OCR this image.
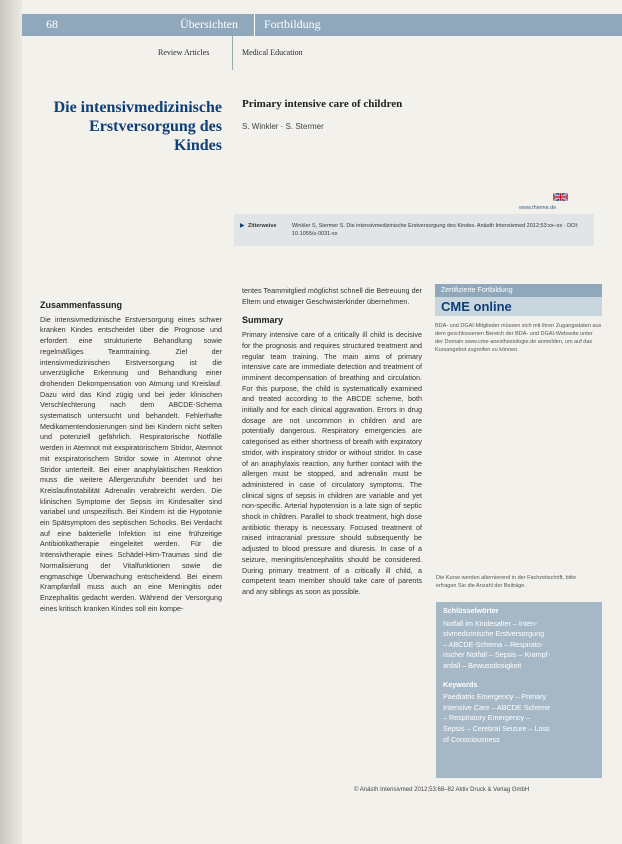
68	Übersichten Fortbildung
Review Articles	Medical Education
Die intensivmedizinische Erstversorgung des Kindes
Primary intensive care of children
S. Winkler · S. Stermer
www.thieme.de
▶ Zitierweise	Winkler S, Stermer S. Die intensivmedizinische Erstversorgung des Kindes. Anästh Intensivmed 2012;53:xx–xx · DOI: 10.1055/s-0031-xx
Zusammenfassung
Die intensivmedizinische Erstversorgung eines schwer kranken Kindes entscheidet über die Prognose und erfordert eine strukturierte Behandlung sowie regelmäßiges Teamtraining. Ziel der intensivmedizinischen Erstversorgung ist die unverzügliche Erkennung und Behandlung einer drohenden Dekompensation von Atmung und Kreislauf. Dazu wird das Kind zügig und bei jeder klinischen Verschlechterung nach dem ABCDE-Schema systematisch untersucht und behandelt. Fehlerhafte Medikamentendosierungen sind bei Kindern nicht selten und potenziell gefährlich. Respiratorische Notfälle werden in Atemnot mit exspiratorischem Stridor, Atemnot mit exspiratorischem Stridor sowie in Atemnot ohne Stridor unterteilt. Bei einer anaphylaktischen Reaktion muss die weitere Allergenzufuhr beendet und bei Kreislaufinstabilität Adrenalin verabreicht werden. Die klinischen Symptome der Sepsis im Kindesalter sind variabel und unspezifisch. Bei Kindern ist die Hypotonie ein Spätsymptom des septischen Schocks. Bei Verdacht auf eine bakterielle Infektion ist eine frühzeitige Antibiotikatherapie eingeleitet werden. Für die Intensivtherapie eines Schädel-Hirn-Traumas sind die Normalisierung der Vitalfunktionen sowie die engmaschige Überwachung entscheidend. Bei einem Krampfanfall muss auch an eine Meningitis oder Enzephalitis gedacht werden. Während der Versorgung eines kritisch kranken Kindes soll ein kompe-
tentes Teammitglied möglichst schnell die Betreuung der Eltern und etwaiger Geschwisterkinder übernehmen.
Summary
Primary intensive care of a critically ill child is decisive for the prognosis and requires structured treatment and regular team training. The main aims of primary intensive care are immediate detection and treatment of imminent decompensation of breathing and circulation. For this purpose, the child is systematically examined and treated according to the ABCDE scheme, both initially and for each clinical aggravation. Errors in drug dosage are not uncommon in children and are potentially dangerous. Respiratory emergencies are categorised as either shortness of breath with expiratory stridor, with inspiratory stridor or without stridor. In case of an anaphylaxis reaction, any further contact with the allergen must be stopped, and adrenalin must be administered in case of circulatory symptoms. The clinical signs of sepsis in children are variable and yet non-specific. Arterial hypotension is a late sign of septic shock in children. Parallel to shock treatment, high dose antibiotic therapy is necessary. Focused treatment of raised intracranial pressure should subsequently be adjusted to blood pressure and diuresis. In case of a seizure, meningitis/encephalitis should be considered. During primary treatment of a critically ill child, a competent team member should take care of parents and any siblings as soon as possible.
Zertifizierte Fortbildung
CME online
BDA- und DGAI-Mitglieder müssen sich mit ihren Zugangsdaten aus dem geschlossenen Bereich der BDA- und DGAI-Webseite unter der Domain www.cme-anesthesiologie.de anmelden, um auf das Kursangebot zugreifen zu können.
Die Kurse werden alternierend in der Fachzeitschrift, bitte erfragen Sie die Anzahl der Beiträge.
Schlüsselwörter
Notfall im Kindesalter – Inten-
sivmedizinische Erstversorgung
– ABCDE-Schema – Respirato-
rischer Notfall – Sepsis – Krampf-
anfall – Bewusstlosigkeit
Keywords
Paediatric Emergency – Primary
Intensive Care – ABCDE Scheme
– Respiratory Emergency –
Sepsis – Cerebral Seizure – Loss
of Consciousness
© Anästh Intensivmed 2012;53:68–82 Aktiv Druck & Verlag GmbH
